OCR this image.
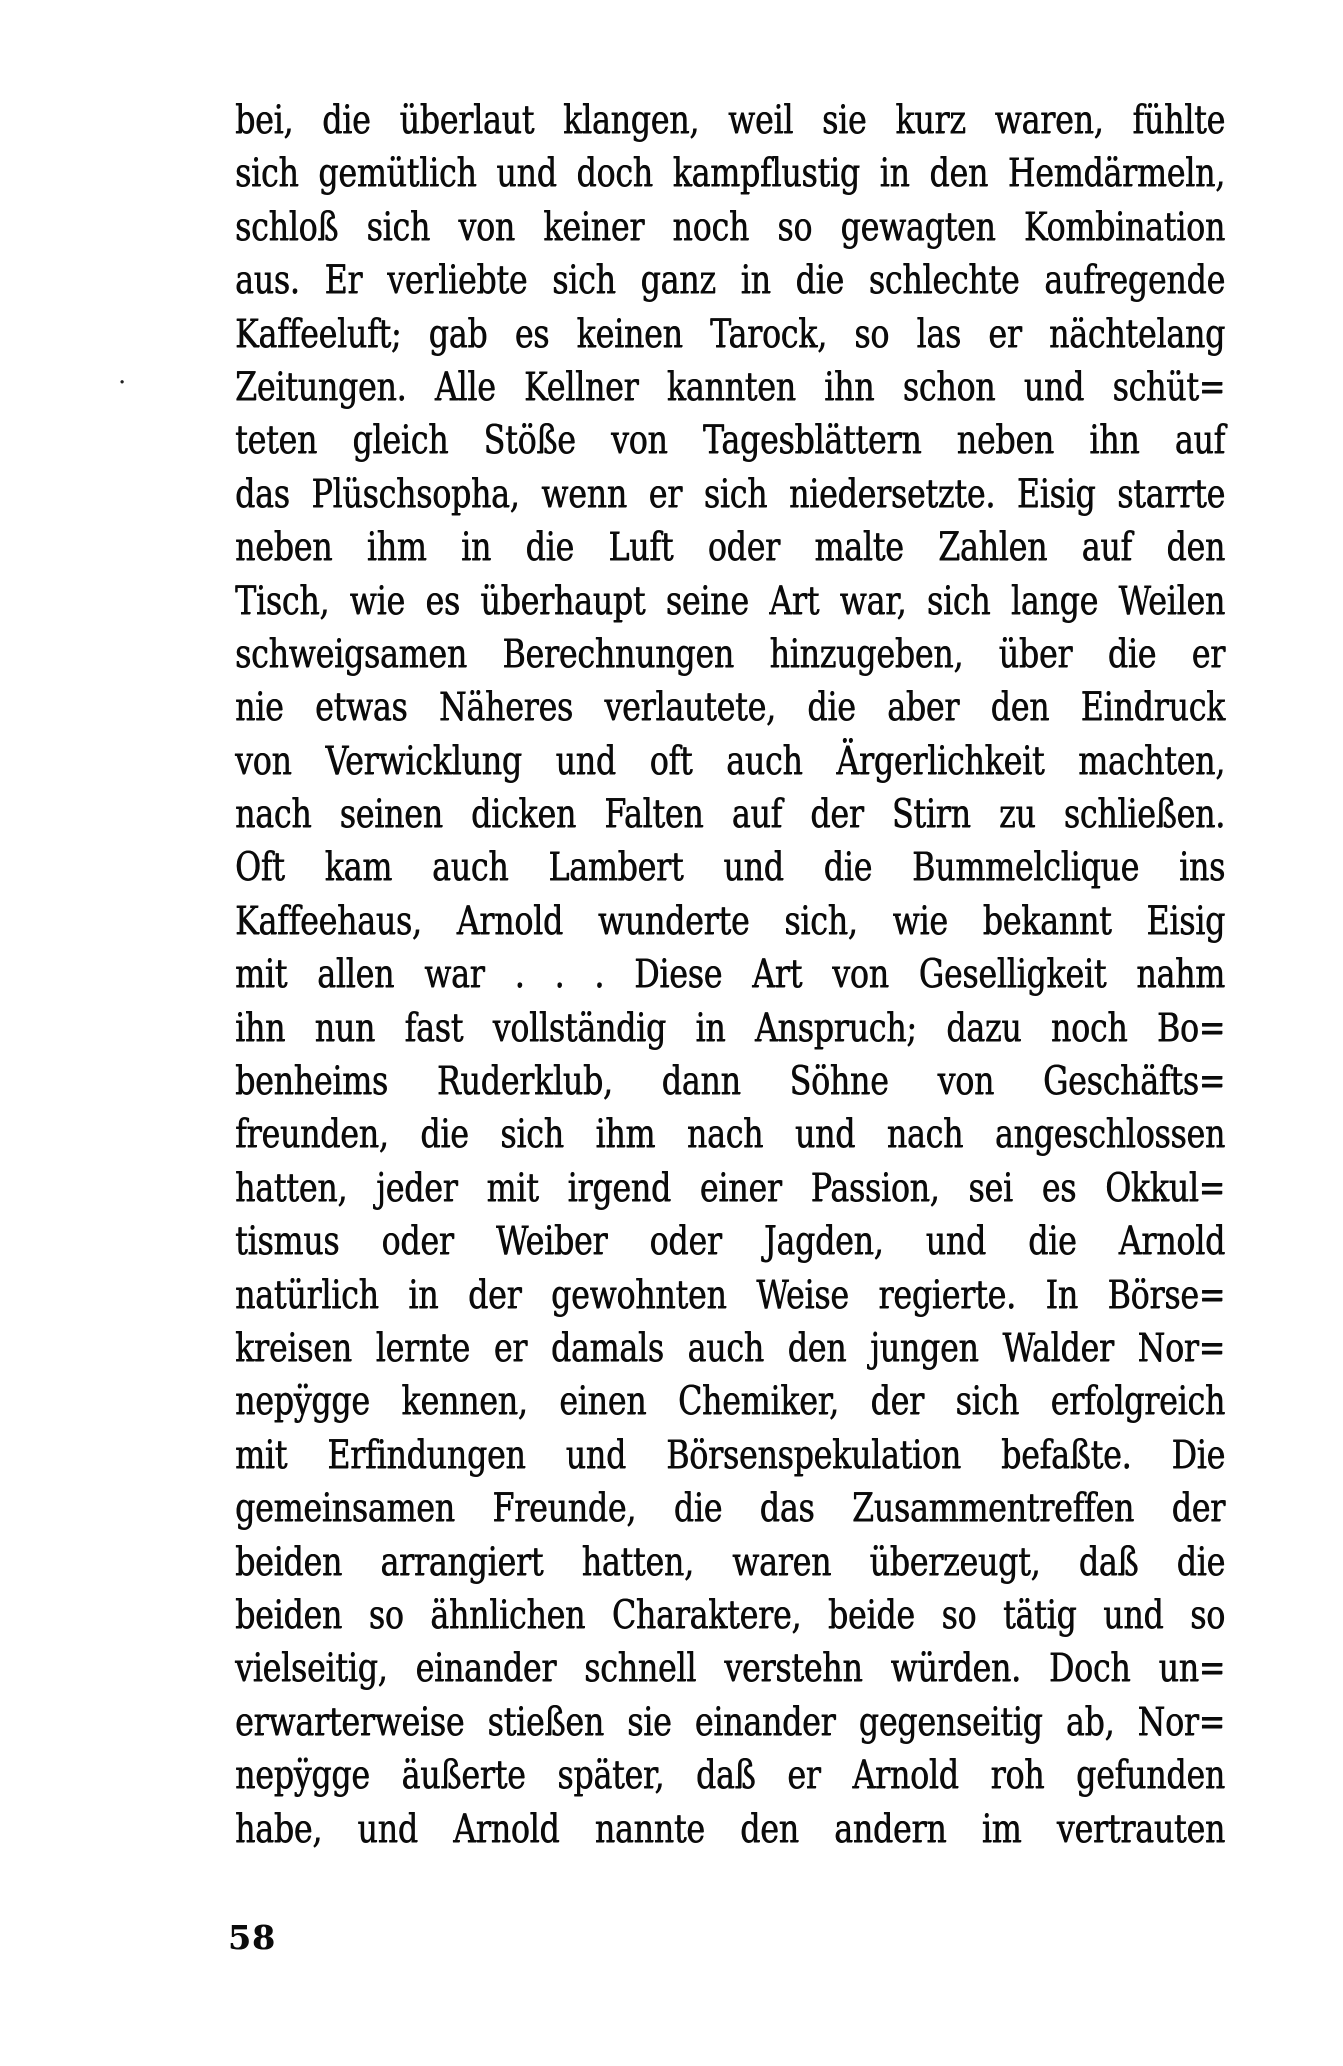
bei, die überlaut klangen, weil sie kurz waren, fühlte
sich gemütlich und doch kampflustig in den Hemdärmeln,
schloß sich von keiner noch so gewagten Kombination
aus. Er verliebte sich ganz in die schlechte aufregende
Kaffeeluft; gab es keinen Tarock, so las er nächtelang
Zeitungen. Alle Kellner kannten ihn schon und schüt=
teten gleich Stöße von Tagesblättern neben ihn auf
das Plüschsopha, wenn er sich niedersetzte. Eisig starrte
neben ihm in die Luft oder malte Zahlen auf den
Tisch, wie es überhaupt seine Art war, sich lange Weilen
schweigsamen Berechnungen hinzugeben, über die er
nie etwas Näheres verlautete, die aber den Eindruck
von Verwicklung und oft auch Ärgerlichkeit machten,
nach seinen dicken Falten auf der Stirn zu schließen.
Oft kam auch Lambert und die Bummelclique ins
Kaffeehaus, Arnold wunderte sich, wie bekannt Eisig
mit allen war . . . Diese Art von Geselligkeit nahm
ihn nun fast vollständig in Anspruch; dazu noch Bo=
benheims Ruderklub, dann Söhne von Geschäfts=
freunden, die sich ihm nach und nach angeschlossen
hatten, jeder mit irgend einer Passion, sei es Okkul=
tismus oder Weiber oder Jagden, und die Arnold
natürlich in der gewohnten Weise regierte. In Börse=
kreisen lernte er damals auch den jungen Walder Nor=
nepÿgge kennen, einen Chemiker, der sich erfolgreich
mit Erfindungen und Börsenspekulation befaßte. Die
gemeinsamen Freunde, die das Zusammentreffen der
beiden arrangiert hatten, waren überzeugt, daß die
beiden so ähnlichen Charaktere, beide so tätig und so
vielseitig, einander schnell verstehn würden. Doch un=
erwarterweise stießen sie einander gegenseitig ab, Nor=
nepÿgge äußerte später, daß er Arnold roh gefunden
habe, und Arnold nannte den andern im vertrauten
·
58
